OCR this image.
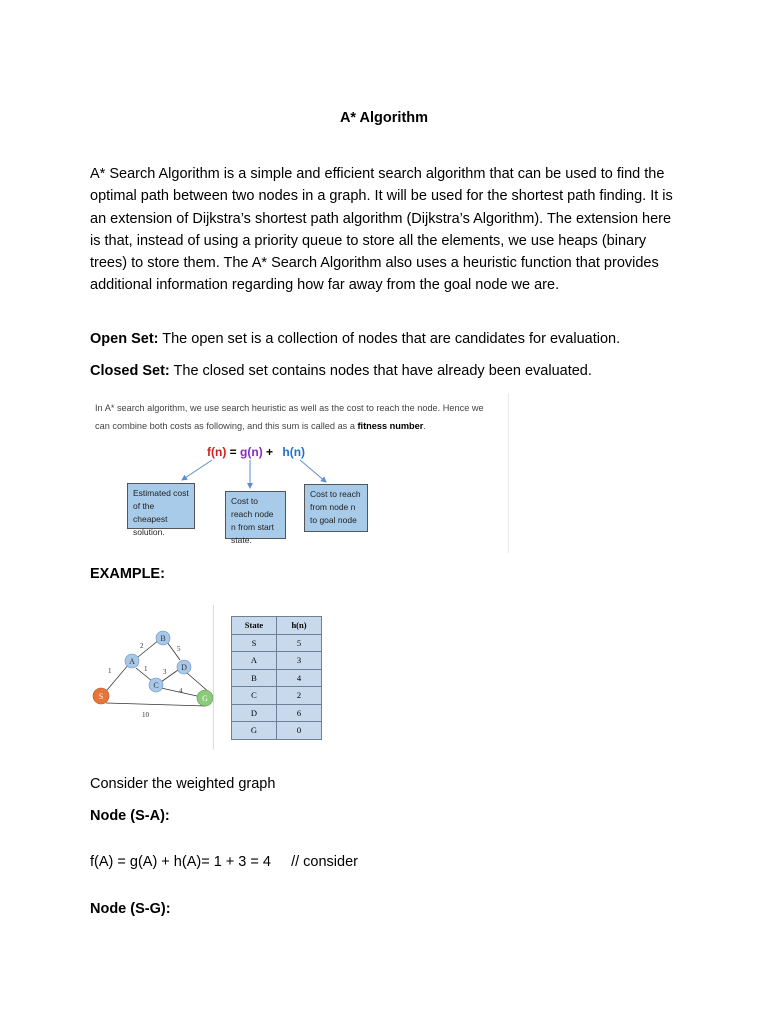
A* Algorithm
A* Search Algorithm is a simple and efficient search algorithm that can be used to find the optimal path between two nodes in a graph. It will be used for the shortest path finding. It is an extension of Dijkstra’s shortest path algorithm (Dijkstra’s Algorithm). The extension here is that, instead of using a priority queue to store all the elements, we use heaps (binary trees) to store them. The A* Search Algorithm also uses a heuristic function that provides additional information regarding how far away from the goal node we are.
Open Set: The open set is a collection of nodes that are candidates for evaluation.
Closed Set: The closed set contains nodes that have already been evaluated.
In A* search algorithm, we use search heuristic as well as the cost to reach the node. Hence we can combine both costs as following, and this sum is called as a fitness number.
f(n) = g(n) + h(n)
Estimated cost of the cheapest solution.
Cost to reach node n from start state.
Cost to reach from node n to goal node
EXAMPLE:
1
2	5
1 3
4
10
S
A
B
C
D
G
State	h(n)
S	5
A	3
B	4
C	2
D	6
G	0
Consider the weighted graph
Node (S-A):
f(A) = g(A) + h(A)= 1 + 3 = 4     // consider
Node (S-G):
